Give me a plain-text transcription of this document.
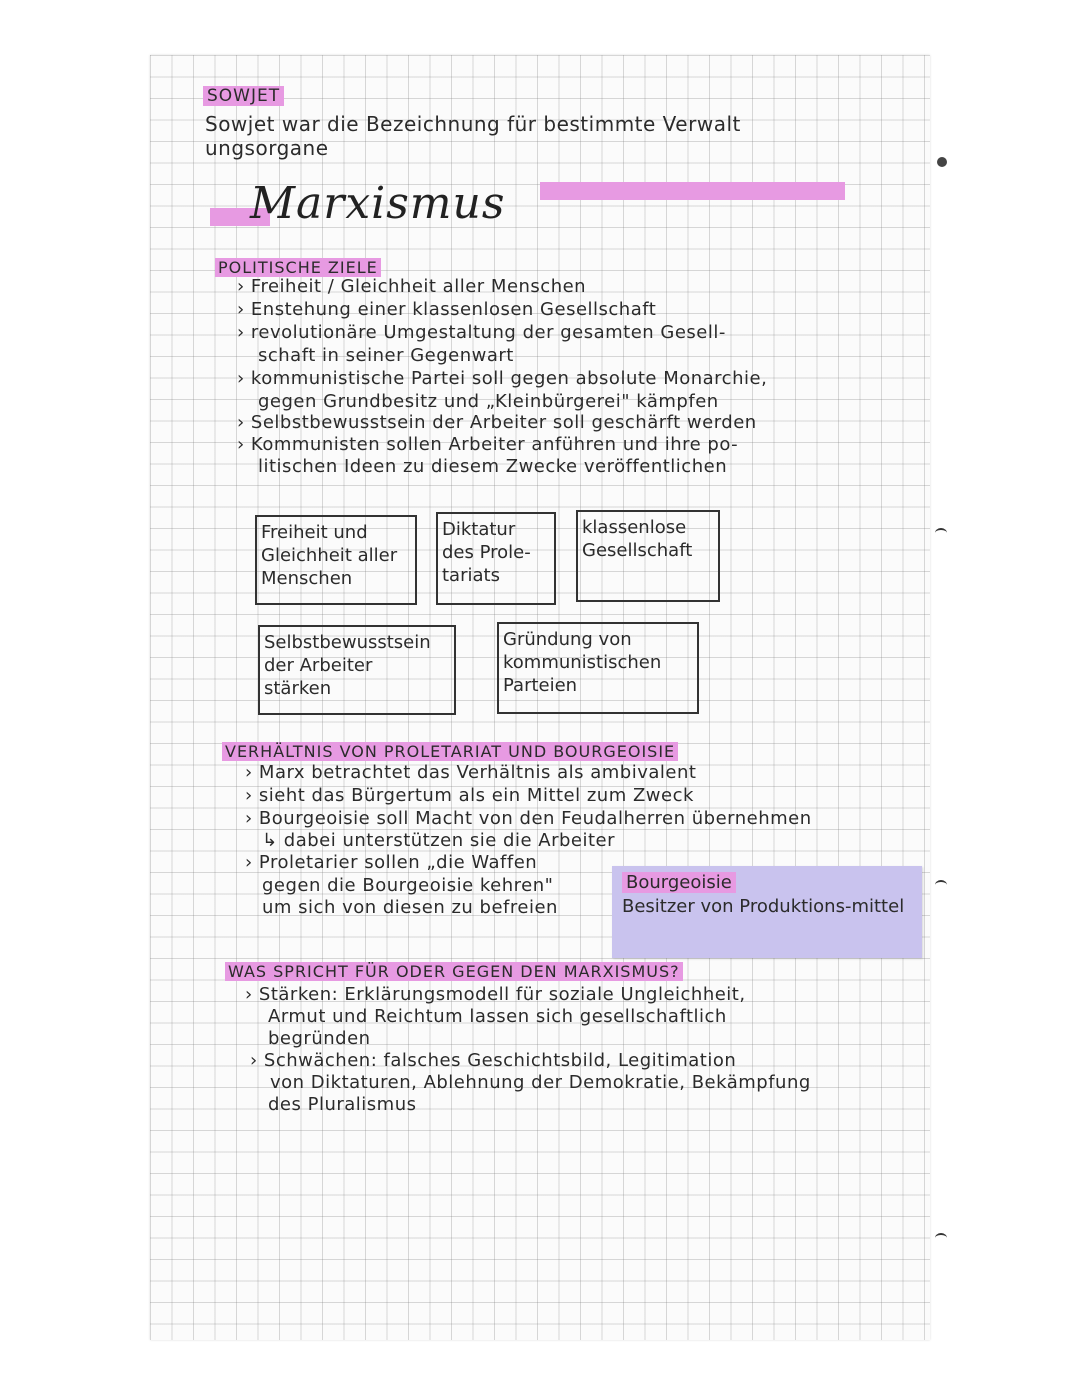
SOWJET
Sowjet war die Bezeichnung für bestimmte Verwalt
ungsorgane
Marxismus
POLITISCHE ZIELE
› Freiheit / Gleichheit aller Menschen
› Enstehung einer klassenlosen Gesellschaft
› revolutionäre Umgestaltung der gesamten Gesell-
schaft in seiner Gegenwart
› kommunistische Partei soll gegen absolute Monarchie,
gegen Grundbesitz und „Kleinbürgerei" kämpfen
› Selbstbewusstsein der Arbeiter soll geschärft werden
› Kommunisten sollen Arbeiter anführen und ihre po-
litischen Ideen zu diesem Zwecke veröffentlichen
Freiheit und
Gleichheit aller
Menschen
Diktatur
des Prole-
tariats
klassenlose
Gesellschaft
Selbstbewusstsein
der Arbeiter
stärken
Gründung von
kommunistischen
Parteien
VERHÄLTNIS VON PROLETARIAT UND BOURGEOISIE
› Marx betrachtet das Verhältnis als ambivalent
› sieht das Bürgertum als ein Mittel zum Zweck
› Bourgeoisie soll Macht von den Feudalherren übernehmen
↳ dabei unterstützen sie die Arbeiter
› Proletarier sollen „die Waffen
gegen die Bourgeoisie kehren"
um sich von diesen zu befreien
Bourgeoisie
Besitzer von Produktions-mittel
WAS SPRICHT FÜR ODER GEGEN DEN MARXISMUS?
› Stärken: Erklärungsmodell für soziale Ungleichheit,
Armut und Reichtum lassen sich gesellschaftlich
begründen
› Schwächen: falsches Geschichtsbild, Legitimation
von Diktaturen, Ablehnung der Demokratie, Bekämpfung
des Pluralismus
